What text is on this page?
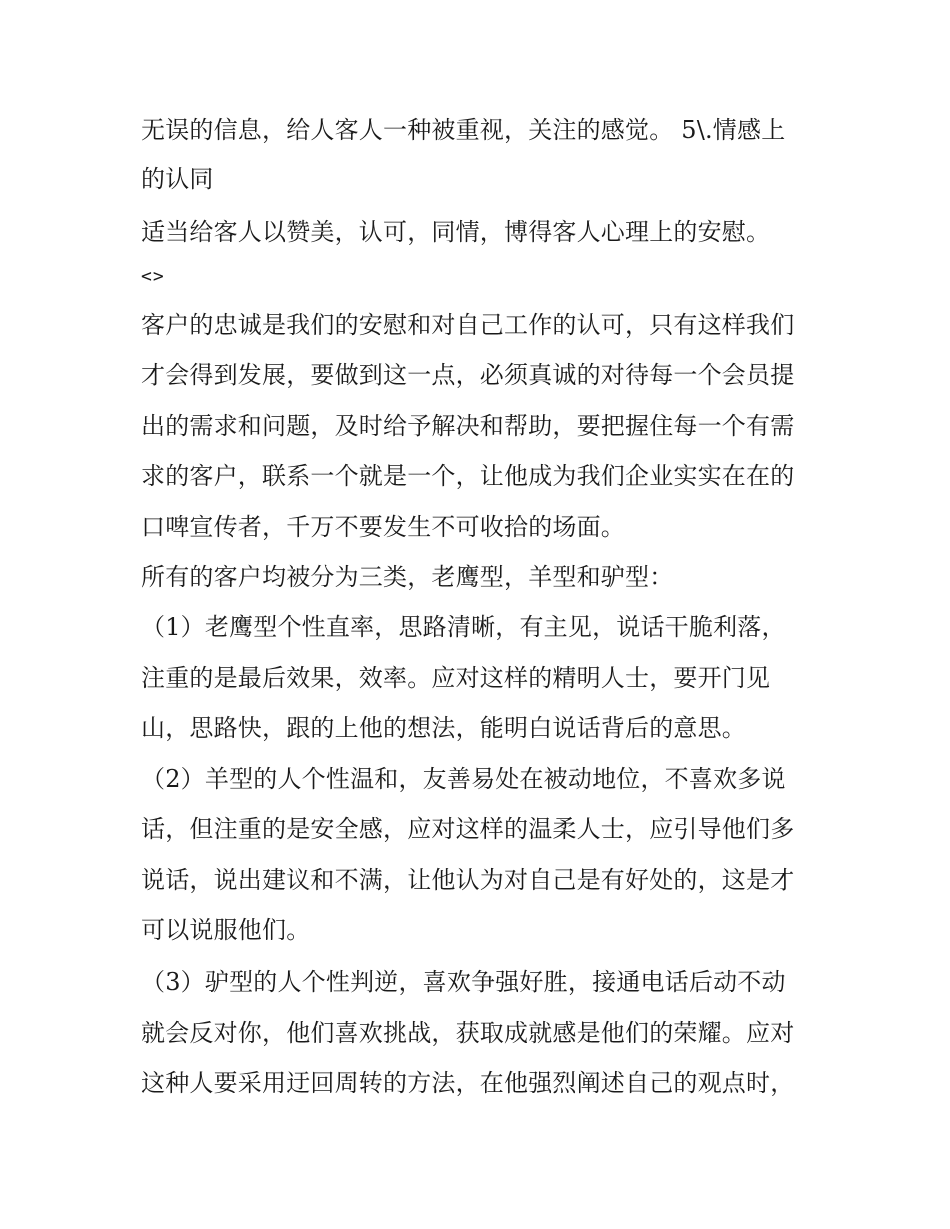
无误的信息，给人客人一种被重视，关注的感觉。 5\.情感上
的认同
适当给客人以赞美，认可，同情，博得客人心理上的安慰。
<>
客户的忠诚是我们的安慰和对自己工作的认可，只有这样我们
才会得到发展，要做到这一点，必须真诚的对待每一个会员提
出的需求和问题，及时给予解决和帮助，要把握住每一个有需
求的客户，联系一个就是一个，让他成为我们企业实实在在的
口啤宣传者，千万不要发生不可收拾的场面。
所有的客户均被分为三类，老鹰型，羊型和驴型：
（1）老鹰型个性直率，思路清晰，有主见，说话干脆利落，
注重的是最后效果，效率。应对这样的精明人士，要开门见
山，思路快，跟的上他的想法，能明白说话背后的意思。
（2）羊型的人个性温和，友善易处在被动地位，不喜欢多说
话，但注重的是安全感，应对这样的温柔人士，应引导他们多
说话，说出建议和不满，让他认为对自己是有好处的，这是才
可以说服他们。
（3）驴型的人个性判逆，喜欢争强好胜，接通电话后动不动
就会反对你，他们喜欢挑战，获取成就感是他们的荣耀。应对
这种人要采用迂回周转的方法，在他强烈阐述自己的观点时，
